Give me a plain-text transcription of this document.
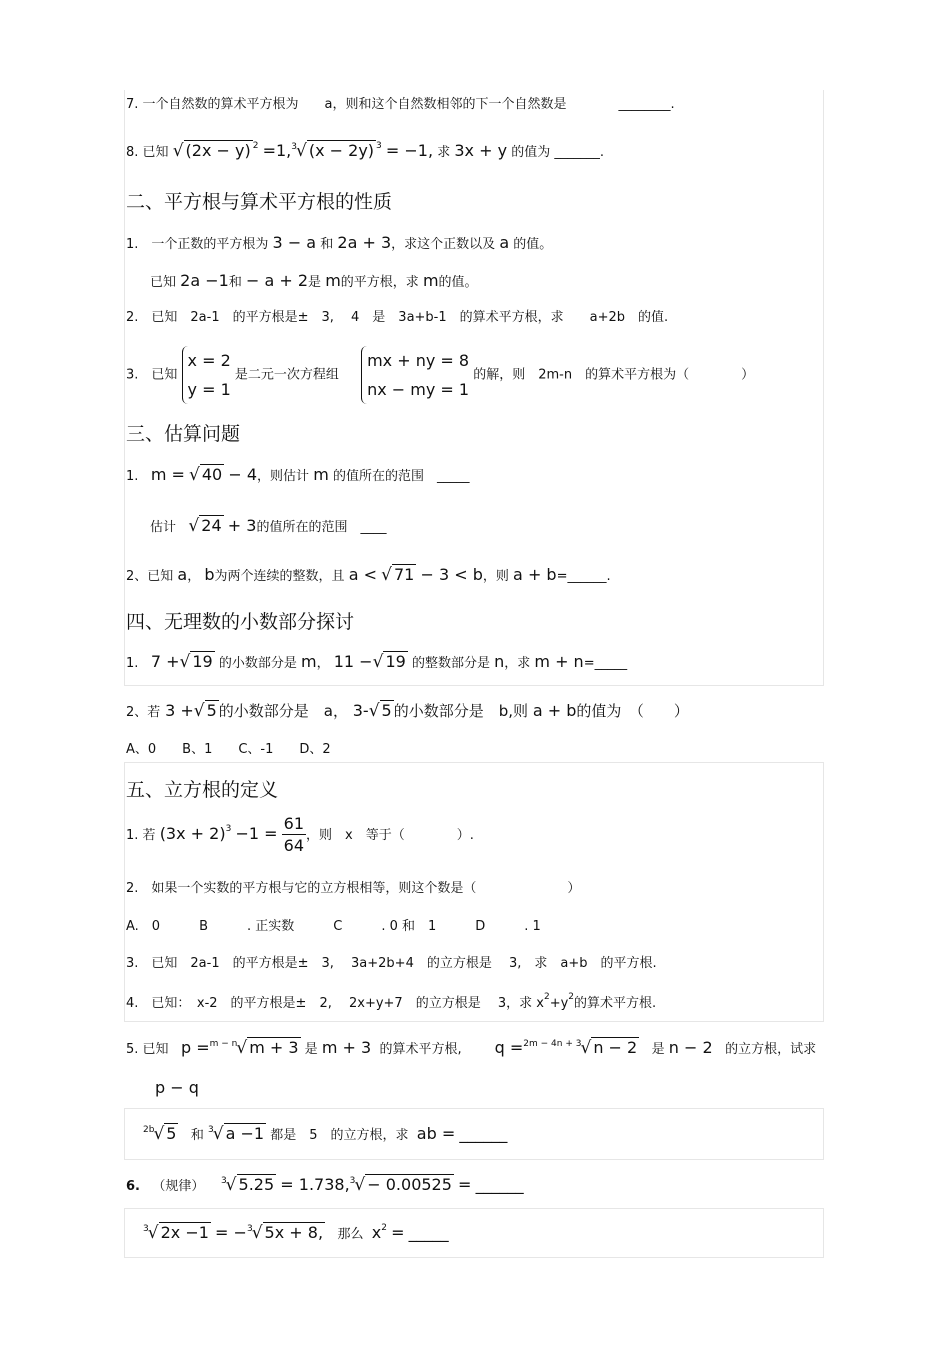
7. 一个自然数的算术平方根为　　a，则和这个自然数相邻的下一个自然数是　　　　________.
8. 已知 √ (2x − y) $^2$ =1,$^3$√ (x − 2y) $^3$ = −1, 求 3x + y 的值为 _______.
二、平方根与算术平方根的性质
1.　一个正数的平方根为 3 − a 和 2a + 3，求这个正数以及 a 的值。
已知 2a −1和 − a + 2是 m的平方根，求 m的值。
2.　已知　2a-1　的平方根是±　3,　 4　是　3a+b-1　的算术平方根，求　　a+2b　的值.
3.　已知
x = 2
y = 1
是二元一次方程组
mx + ny = 8
nx − my = 1
的解，则　2m-n　的算术平方根为（　　　　）
三、估算问题
1. m = √ 40 − 4，则估计 m 的值所在的范围　_____
估计 √ 24 + 3的值所在的范围　____
2、已知 a， b为两个连续的整数，且 a < √ 71 − 3 < b，则 a + b=______.
四、无理数的小数部分探讨
1. 7 +√ 19 的小数部分是 m， 11 −√ 19 的整数部分是 n，求 m + n=_____
2、若 3 +√ 5 的小数部分是　a， 3-√ 5 的小数部分是　b,则 a + b的值为　（　　）
A、0　　B、1　　C、-1　　D、2
五、立方根的定义
1. 若 $(3x + 2)^3 -1 = \frac{61}{64}$ ，则　x　等于（　　　　）.
2.　如果一个实数的平方根与它的立方根相等，则这个数是（　　　　　　　）
A.　0　　　B　　　. 正实数　　　C　　　. 0 和　1　　　D　　　. 1
3.　已知　2a-1　的平方根是±　3,　 3a+2b+4　的立方根是　 3,　求　a+b　的平方根.
4.　已知：　x-2　的平方根是±　2,　 2x+y+7　的立方根是　 3，求 $x^2+y^2$的算术平方根.
5. 已知 p =$^{m - n}$√ m + 3 是 m + 3 的算术平方根, q =$^{2m - 4n + 3}$√ n − 2 是 n − 2 的立方根，试求
p − q
$^{2b}$√ 5 和 $^3$√ a −1 都是　5　的立方根，求 ab = ______
6. （规律） $^3$√ 5.25 = 1.738,$^3$√ − 0.00525 = ______
$^3$√ 2x −1 = −$^3$√ 5x + 8, 那么 $x^2$ = _____
